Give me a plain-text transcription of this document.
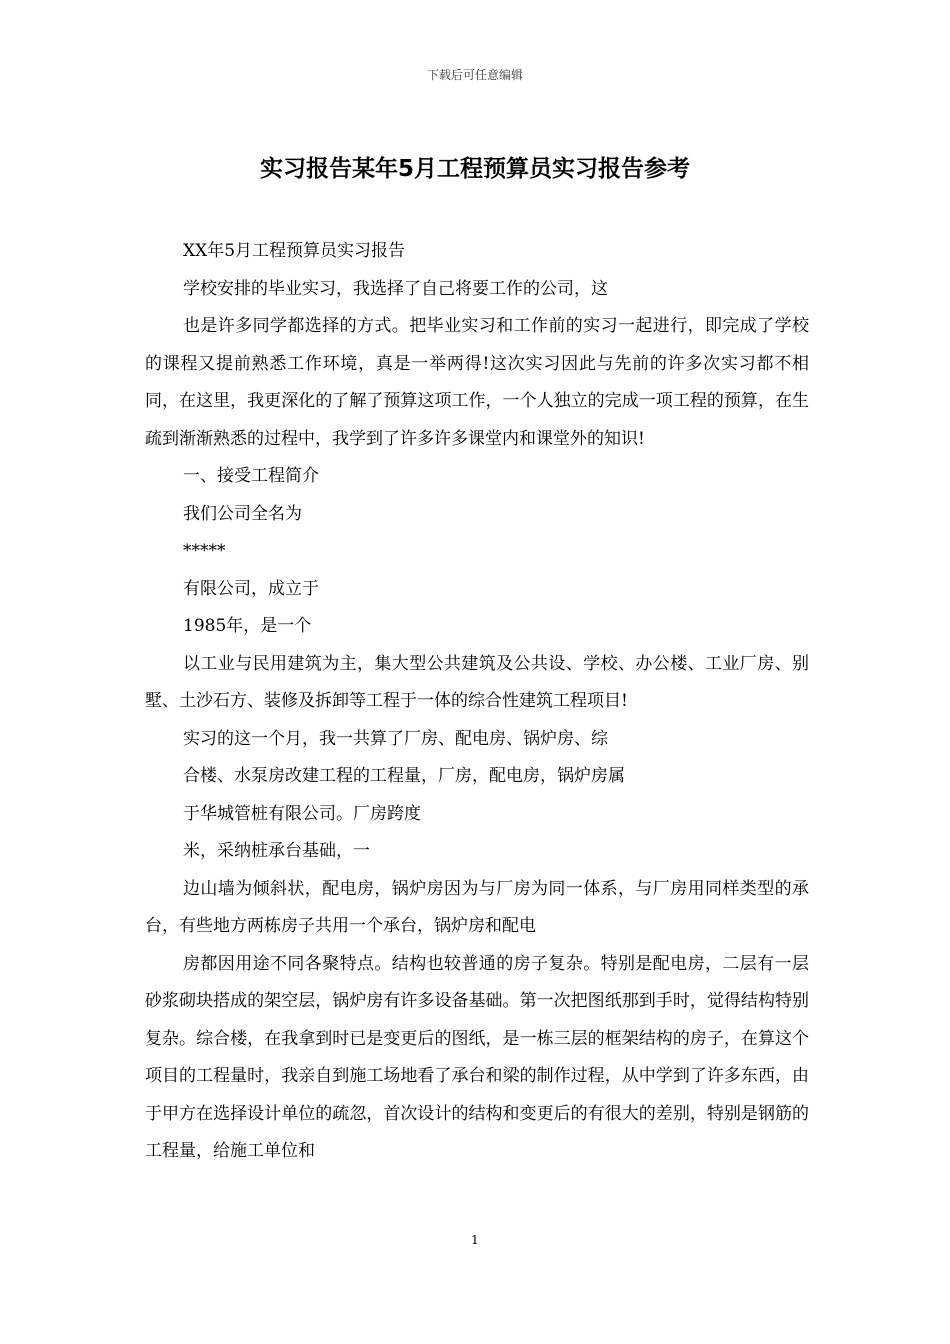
下载后可任意编辑
实习报告某年5月工程预算员实习报告参考

XX年5月工程预算员实习报告

学校安排的毕业实习，我选择了自己将要工作的公司，这

也是许多同学都选择的方式。把毕业实习和工作前的实习一起进行，即完成了学校的课程又提前熟悉工作环境，真是一举两得!这次实习因此与先前的许多次实习都不相同，在这里，我更深化的了解了预算这项工作，一个人独立的完成一项工程的预算，在生疏到渐渐熟悉的过程中，我学到了许多许多课堂内和课堂外的知识!

一、接受工程简介

我们公司全名为

*****

有限公司，成立于

1985年，是一个

以工业与民用建筑为主，集大型公共建筑及公共设、学校、办公楼、工业厂房、别墅、土沙石方、装修及拆卸等工程于一体的综合性建筑工程项目!

实习的这一个月，我一共算了厂房、配电房、锅炉房、综

合楼、水泵房改建工程的工程量，厂房，配电房，锅炉房属

于华城管桩有限公司。厂房跨度

米，采纳桩承台基础，一

边山墙为倾斜状，配电房，锅炉房因为与厂房为同一体系，与厂房用同样类型的承台，有些地方两栋房子共用一个承台，锅炉房和配电

房都因用途不同各聚特点。结构也较普通的房子复杂。特别是配电房，二层有一层砂浆砌块搭成的架空层，锅炉房有许多设备基础。第一次把图纸那到手时，觉得结构特别复杂。综合楼，在我拿到时已是变更后的图纸，是一栋三层的框架结构的房子，在算这个项目的工程量时，我亲自到施工场地看了承台和梁的制作过程，从中学到了许多东西，由于甲方在选择设计单位的疏忽，首次设计的结构和变更后的有很大的差别，特别是钢筋的工程量，给施工单位和

1
